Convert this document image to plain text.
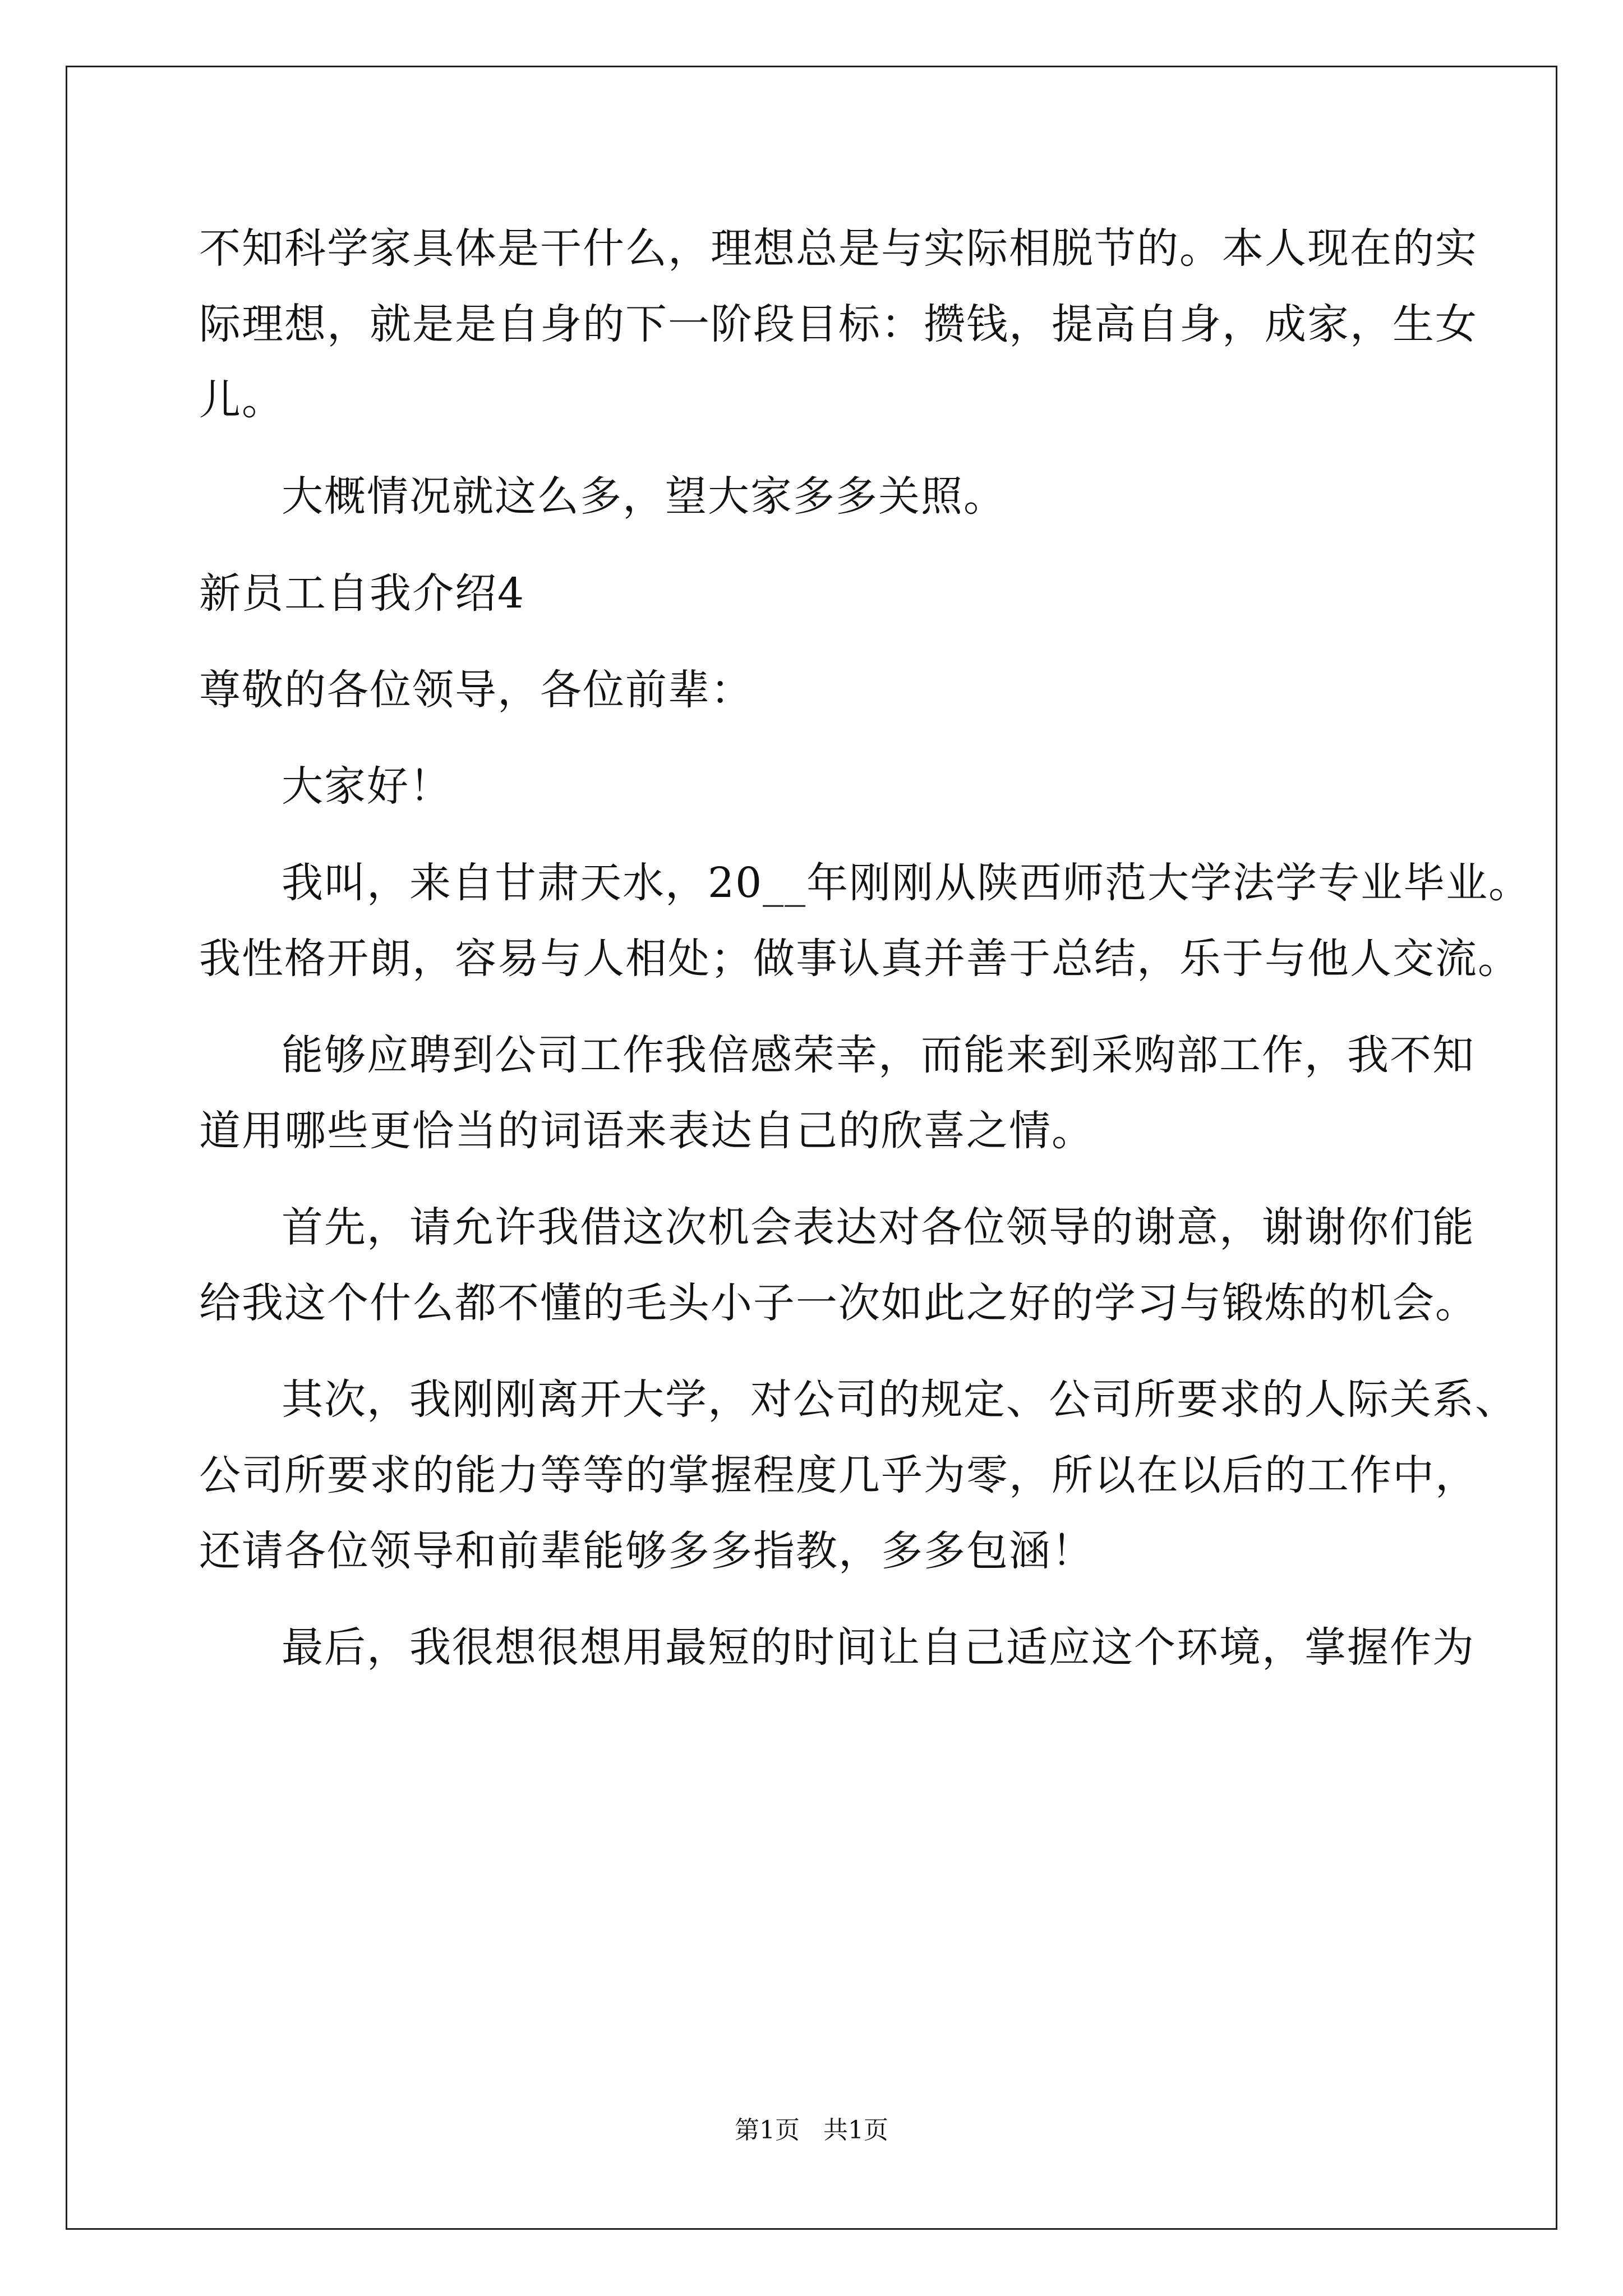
不知科学家具体是干什么，理想总是与实际相脱节的。本人现在的实
际理想，就是是自身的下一阶段目标：攒钱，提高自身，成家，生女
儿。
大概情况就这么多，望大家多多关照。
新员工自我介绍4
尊敬的各位领导，各位前辈：
大家好！
我叫，来自甘肃天水，20__年刚刚从陕西师范大学法学专业毕业。
我性格开朗，容易与人相处；做事认真并善于总结，乐于与他人交流。
能够应聘到公司工作我倍感荣幸，而能来到采购部工作，我不知
道用哪些更恰当的词语来表达自己的欣喜之情。
首先，请允许我借这次机会表达对各位领导的谢意，谢谢你们能
给我这个什么都不懂的毛头小子一次如此之好的学习与锻炼的机会。
其次，我刚刚离开大学，对公司的规定、公司所要求的人际关系、
公司所要求的能力等等的掌握程度几乎为零，所以在以后的工作中，
还请各位领导和前辈能够多多指教，多多包涵！
最后，我很想很想用最短的时间让自己适应这个环境，掌握作为
第1页   共1页
